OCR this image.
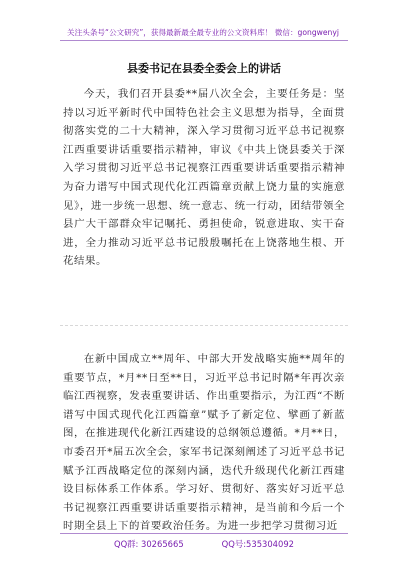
关注头条号“公文研究”，获得最新最全最专业的公文资料库！ 微信：gongwenyj
县委书记在县委全委会上的讲话

今天，我们召开县委**届八次全会，主要任务是：坚持以习近平新时代中国特色社会主义思想为指导，全面贯彻落实党的二十大精神，深入学习贯彻习近平总书记视察江西重要讲话重要指示精神，审议《中共上饶县委关于深入学习贯彻习近平总书记视察江西重要讲话重要指示精神为奋力谱写中国式现代化江西篇章贡献上饶力量的实施意见》，进一步统一思想、统一意志、统一行动，团结带领全县广大干部群众牢记嘱托、勇担使命，锐意进取、实干奋进，全力推动习近平总书记殷殷嘱托在上饶落地生根、开花结果。

在新中国成立**周年、中部大开发战略实施**周年的重要节点，*月**日至**日，习近平总书记时隔*年再次亲临江西视察，发表重要讲话、作出重要指示，为江西“不断谱写中国式现代化江西篇章”赋予了新定位、擘画了新蓝图，在推进现代化新江西建设的总纲领总遵循。*月**日，市委召开*届五次全会，家军书记深刻阐述了习近平总书记赋予江西战略定位的深刻内涵，迭代升级现代化新江西建设目标体系工作体系。学习好、贯彻好、落实好习近平总书记视察江西重要讲话重要指示精神，是当前和今后一个时期全县上下的首要政治任务。为进一步把学习贯彻习近

QQ群: 30265665	QQ号:535304092
